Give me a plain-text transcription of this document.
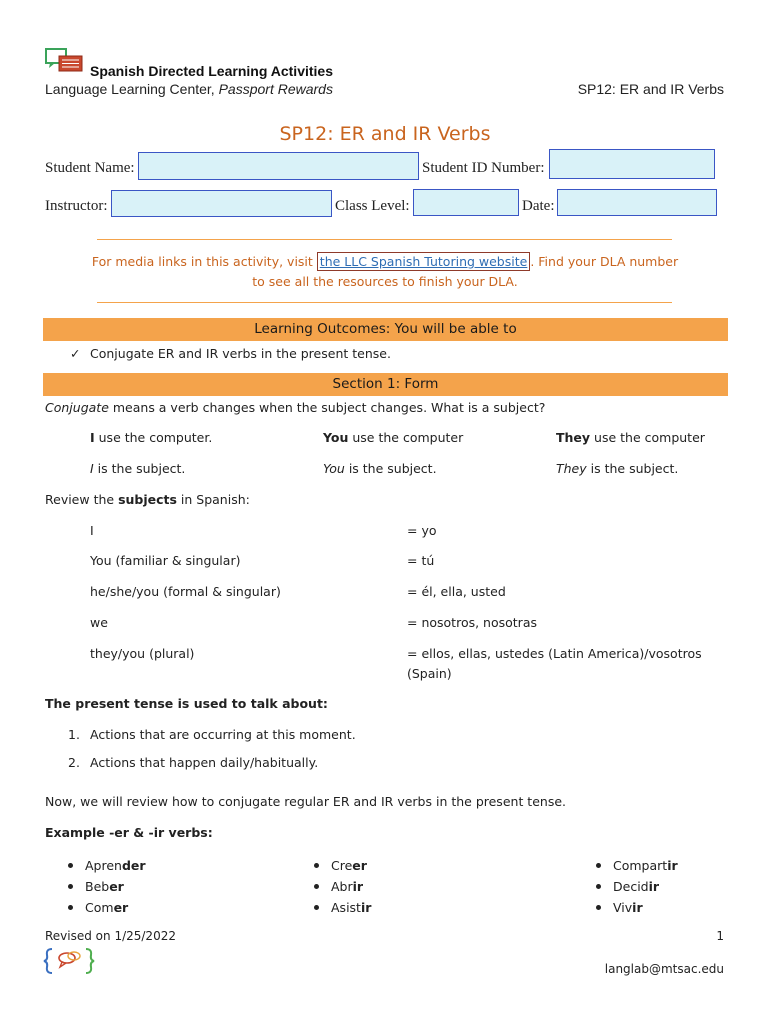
Spanish Directed Learning Activities
Language Learning Center, Passport Rewards	SP12: ER and IR Verbs
SP12: ER and IR Verbs
Student Name:	Student ID Number:
Instructor:	Class Level:	Date:
For media links in this activity, visit the LLC Spanish Tutoring website . Find your DLA number
to see all the resources to finish your DLA.
Learning Outcomes: You will be able to
✓ Conjugate ER and IR verbs in the present tense.
Section 1: Form
Conjugate means a verb changes when the subject changes. What is a subject?
I use the computer.	You use the computer	They use the computer
I is the subject.	You is the subject.	They is the subject.
Review the subjects in Spanish:
I	= yo
You (familiar & singular)	= tú
he/she/you (formal & singular)	= él, ella, usted
we	= nosotros, nosotras
they/you (plural)	= ellos, ellas, ustedes (Latin America)/vosotros
(Spain)
The present tense is used to talk about:
1. Actions that are occurring at this moment.
2. Actions that happen daily/habitually.
Now, we will review how to conjugate regular ER and IR verbs in the present tense.
Example -er & -ir verbs:
Aprender
Beber
Comer
Creer
Abrir
Asistir
Compartir
Decidir
Vivir
Revised on 1/25/2022	1
langlab@mtsac.edu
